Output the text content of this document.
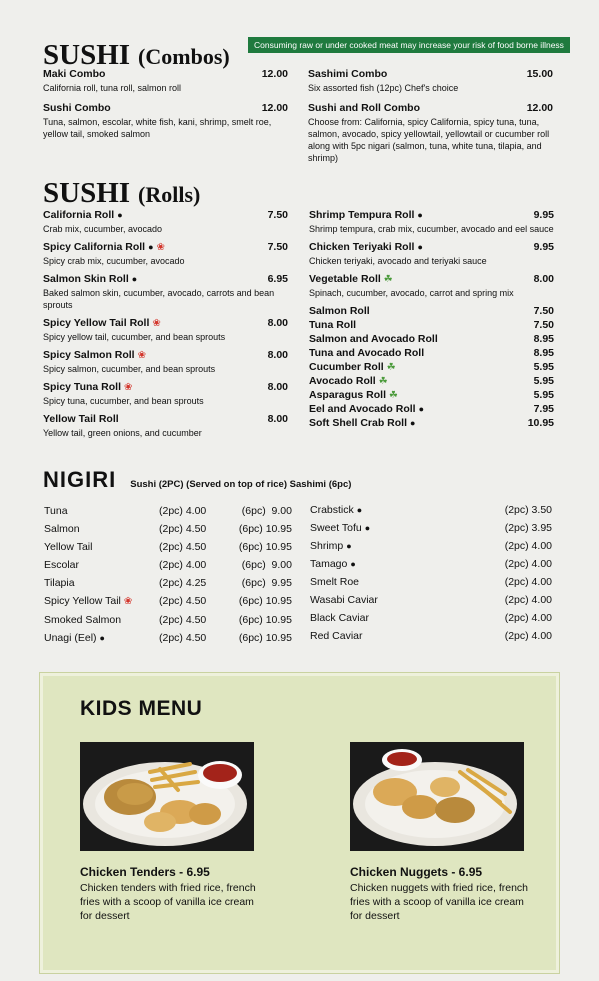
SUSHI (Combos)	Consuming raw or under cooked meat may increase your risk of food borne illness
Maki Combo	12.00
California roll, tuna roll, salmon roll
Sushi Combo	12.00
Tuna, salmon, escolar, white fish, kani, shrimp, smelt roe, yellow tail, smoked salmon
Sashimi Combo	15.00
Six assorted fish (12pc) Chef's choice
Sushi and Roll Combo	12.00
Choose from: California, spicy California, spicy tuna, tuna, salmon, avocado, spicy yellowtail, yellowtail or cucumber roll along with 5pc nigari (salmon, tuna, white tuna, tilapia, and shrimp)
SUSHI (Rolls)
California Roll ●	7.50
Crab mix, cucumber, avocado
Spicy California Roll ● ❀	7.50
Spicy crab mix, cucumber, avocado
Salmon Skin Roll ●	6.95
Baked salmon skin, cucumber, avocado, carrots and bean sprouts
Spicy Yellow Tail Roll ❀	8.00
Spicy yellow tail, cucumber, and bean sprouts
Spicy Salmon Roll ❀	8.00
Spicy salmon, cucumber, and bean sprouts
Spicy Tuna Roll ❀	8.00
Spicy tuna, cucumber, and bean sprouts
Yellow Tail Roll	8.00
Yellow tail, green onions, and cucumber
Shrimp Tempura Roll ●	9.95
Shrimp tempura, crab mix, cucumber, avocado and eel sauce
Chicken Teriyaki Roll ●	9.95
Chicken teriyaki, avocado and teriyaki sauce
Vegetable Roll ☘	8.00
Spinach, cucumber, avocado, carrot and spring mix
Salmon Roll	7.50
Tuna Roll	7.50
Salmon and Avocado Roll	8.95
Tuna and Avocado Roll	8.95
Cucumber Roll ☘	5.95
Avocado Roll ☘	5.95
Asparagus Roll ☘	5.95
Eel and Avocado Roll ●	7.95
Soft Shell Crab Roll ●	10.95
NIGIRI Sushi (2PC) (Served on top of rice) Sashimi (6pc)
Tuna	(2pc) 4.00	(6pc)  9.00
Salmon	(2pc) 4.50	(6pc) 10.95
Yellow Tail	(2pc) 4.50	(6pc) 10.95
Escolar	(2pc) 4.00	(6pc)  9.00
Tilapia	(2pc) 4.25	(6pc)  9.95
Spicy Yellow Tail ❀	(2pc) 4.50	(6pc) 10.95
Smoked Salmon	(2pc) 4.50	(6pc) 10.95
Unagi (Eel) ●	(2pc) 4.50	(6pc) 10.95
Crabstick ●	(2pc) 3.50
Sweet Tofu ●	(2pc) 3.95
Shrimp ●	(2pc) 4.00
Tamago ●	(2pc) 4.00
Smelt Roe	(2pc) 4.00
Wasabi Caviar	(2pc) 4.00
Black Caviar	(2pc) 4.00
Red Caviar	(2pc) 4.00
KIDS MENU
Chicken Tenders - 6.95
Chicken tenders with fried rice, french fries with a scoop of vanilla ice cream for dessert
Chicken Nuggets - 6.95
Chicken nuggets with fried rice, french fries with a scoop of vanilla ice cream for dessert
